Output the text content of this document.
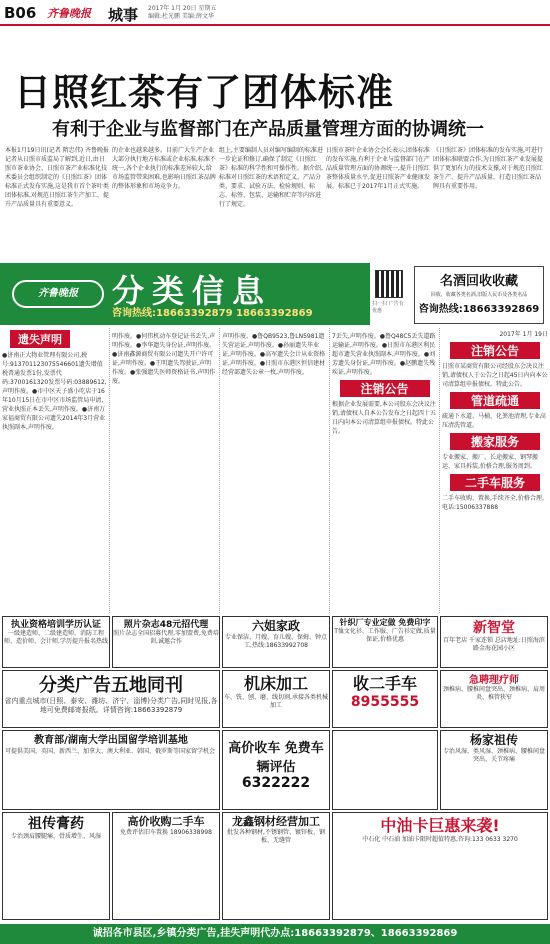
B06 齐鲁晚报 城事 2017年 1月 20日 星期五
编辑:杜光鹏 美编:薛文华
日照红茶有了团体标准
有利于企业与监督部门在产品质量管理方面的协调统一
本报1月19日讯(记者 隋忠伟) 齐鲁晚报记者从日照市质监局了解到,近日,由日照市茶业协会、日照市茶产业标准化技术委员会组织制定的《日照红茶》团体标准正式发布实施,这是我市首个茶叶类团体标准,对规范日照红茶生产加工、提升产品质量具有重要意义。
的企业也越来越多。目前广大生产企业大部分执行地方标准或企业标准,标准不统一,各个企业执行的标准差异较大,给市场监管带来困难,也影响日照红茶品牌的整体形象和市场竞争力。
组上,主要编制人员对编写编制的标准进一步论证和修订,确保了制定《日照红茶》标准的科学性和可操作性。据介绍,标准对日照红茶的术语和定义、产品分类、要求、试验方法、检验规则、标志、标签、包装、运输和贮存等内容进行了规定。
日照市茶叶企业协会会长表示,团体标准的发布实施,有利于企业与监督部门在产品质量管理方面的协调统一,提升日照红茶整体质量水平,促进日照茶产业健康发展。标准已于2017年1月正式实施。
《日照红茶》团体标准的发布实施,可进行团体标准联盟合作,为日照红茶产业发展提供了更加有力的技术支撑,对于规范日照红茶生产、提升产品质量、打造日照红茶品牌具有重要作用。
齐鲁晚报	分类信息
咨询热线:18663392879 18663392869
扫一扫 广告有优惠
名酒回收收藏
回收、收藏各类名酒,旧版人民币及各类名品
咨询热线:18663392869
遗失声明
●济南正大物业管理有限公司,税号:913701123075546601遗失增值税普通发票1份,发票代码:3700161320发票号码:03889612,声明作废。●市中区天子盛小吃店于16年10月15日在市中区市场监管局申请,营业执照正本丢失,声明作废。●济南万家福商贸有限公司遗失2014年3月营业执照副本,声明作废。
明作废。●何伟机动车登记证书丢失,声明作废。●李华遗失身份证,声明作废。●济南鑫源商贸有限公司遗失开户许可证,声明作废。●王明遗失驾驶证,声明作废。●张强遗失医师资格证书,声明作废。
声明作废。●鲁QB9523,鲁LN5981遗失营运证,声明作废。●孙丽遗失毕业证,声明作废。●高军遗失会计从业资格证,声明作废。●日照市东港区恒信建材经营部遗失公章一枚,声明作废。
7丢失,声明作废。●鲁Q48C5丢失道路运输证,声明作废。●日照市东港区利民超市遗失营业执照副本,声明作废。●刘芳遗失身份证,声明作废。●赵鹏遗失残疾证,声明作废。
注销公告
根据企业发展需要,本公司股东会决议注销,请债权人自本公告发布之日起四十五日内向本公司清算组申报债权。特此公告。
2017年 1月 19日
注销公告
日照市某商贸有限公司经股东会决议注销,请债权人于公告之日起45日内向本公司清算组申报债权。特此公告。
管道疏通
疏通下水道、马桶、化粪池清理,专业高压清洗管道。
搬家服务
专业搬家、搬厂、长途搬家、钢琴搬运、家具拆装,价格合理,服务周到。
二手车服务
二手车收购、置换,手续齐全,价格合理。电话:15006337888
执业资格培训学历认证
一级建造师、二级建造师、消防工程师、造价师、会计师,学历提升报名热线
照片杂志48元招代理
照片杂志全国招募代理,零加盟费,免费培训,诚邀合作
六姐家政
专业保洁、月嫂、育儿嫂、保姆、钟点工,热线:18633992708
针织厂专业定做 免费印字
T恤文化衫、工作服、广告衫定做,质量保证,价格优惠
新智堂
百年老店 千家连锁 总店地址:日照海滨路金海花园小区
分类广告五地同刊
省内重点城市(日照、泰安、潍坊、济宁、淄博)分类广告,同时见报,各地可免费邮寄报纸。详情咨询:18663392879
机床加工
车、铣、刨、磨、线切割,承接各类机械加工
收二手车
8955555
急聘理疗师
颈椎病、腰椎间盘突出、颈椎病、肩周炎、椎管狭窄
教育部/湖南大学出国留学培训基地
可提供美国、英国、新西兰、加拿大、澳大利亚、韩国、俄罗斯等国家留学机会	高价收车 免费车辆评估
6322222
杨家祖传
专治风湿、类风湿、颈椎病、腰椎间盘突出、关节疼痛
祖传膏药
专治颈肩腰腿痛、骨质增生、风湿
高价收购二手车
免费评估旧车置换 18906338998
龙鑫钢材经营加工
批发各种钢材,不锈钢管、镀锌板、钢板、无缝管
中油卡巨惠来袭!
中石化 中石油 加油卡限时超值特惠,咨询:133 0633 3270
诚招各市县区,乡镇分类广告,挂失声明代办点:18663392879、18663392869
